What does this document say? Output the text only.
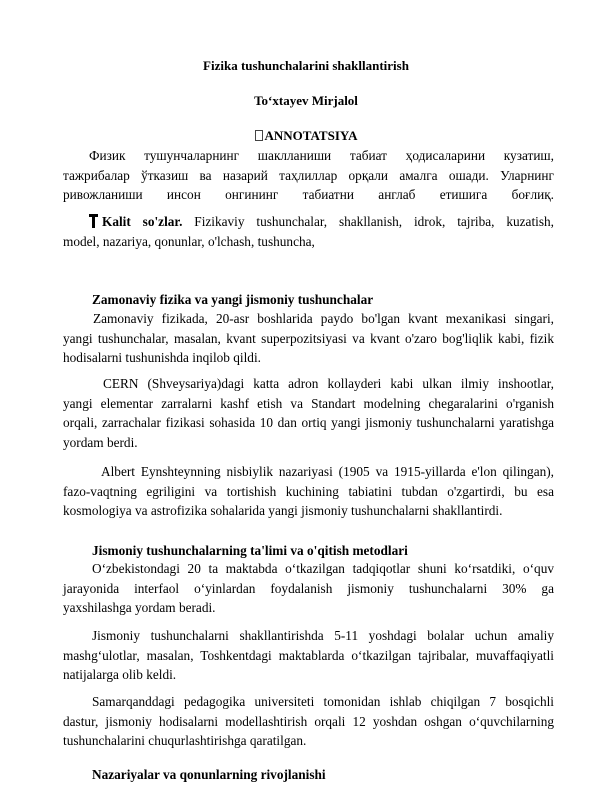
Fizika tushunchalarini shakllantirish
To‘xtayev Mirjalol
ANNOTATSIYA
Физик тушунчаларнинг шаклланиши табиат ҳодисаларини кузатиш,
тажрибалар ўтказиш ва назарий таҳлиллар орқали амалга ошади. Уларнинг
ривожланиши инсон онгининг табиатни англаб етишига боғлиқ.
Kalit so'zlar. Fizikaviy tushunchalar, shakllanish, idrok, tajriba, kuzatish,
model, nazariya, qonunlar, o'lchash, tushuncha,
Zamonaviy fizika va yangi jismoniy tushunchalar
Zamonaviy fizikada, 20-asr boshlarida paydo bo'lgan kvant mexanikasi singari,
yangi tushunchalar, masalan, kvant superpozitsiyasi va kvant o'zaro bog'liqlik kabi, fizik
hodisalarni tushunishda inqilob qildi.
CERN (Shveysariya)dagi katta adron kollayderi kabi ulkan ilmiy inshootlar,
yangi elementar zarralarni kashf etish va Standart modelning chegaralarini o'rganish
orqali, zarrachalar fizikasi sohasida 10 dan ortiq yangi jismoniy tushunchalarni yaratishga
yordam berdi.
Albert Eynshteynning nisbiylik nazariyasi (1905 va 1915-yillarda e'lon qilingan),
fazo-vaqtning egriligini va tortishish kuchining tabiatini tubdan o'zgartirdi, bu esa
kosmologiya va astrofizika sohalarida yangi jismoniy tushunchalarni shakllantirdi.
Jismoniy tushunchalarning ta'limi va o'qitish metodlari
O‘zbekistondagi 20 ta maktabda o‘tkazilgan tadqiqotlar shuni ko‘rsatdiki, o‘quv
jarayonida interfaol o‘yinlardan foydalanish jismoniy tushunchalarni 30% ga
yaxshilashga yordam beradi.
Jismoniy tushunchalarni shakllantirishda 5-11 yoshdagi bolalar uchun amaliy
mashg‘ulotlar, masalan, Toshkentdagi maktablarda o‘tkazilgan tajribalar, muvaffaqiyatli
natijalarga olib keldi.
Samarqanddagi pedagogika universiteti tomonidan ishlab chiqilgan 7 bosqichli
dastur, jismoniy hodisalarni modellashtirish orqali 12 yoshdan oshgan o‘quvchilarning
tushunchalarini chuqurlashtirishga qaratilgan.
Nazariyalar va qonunlarning rivojlanishi
